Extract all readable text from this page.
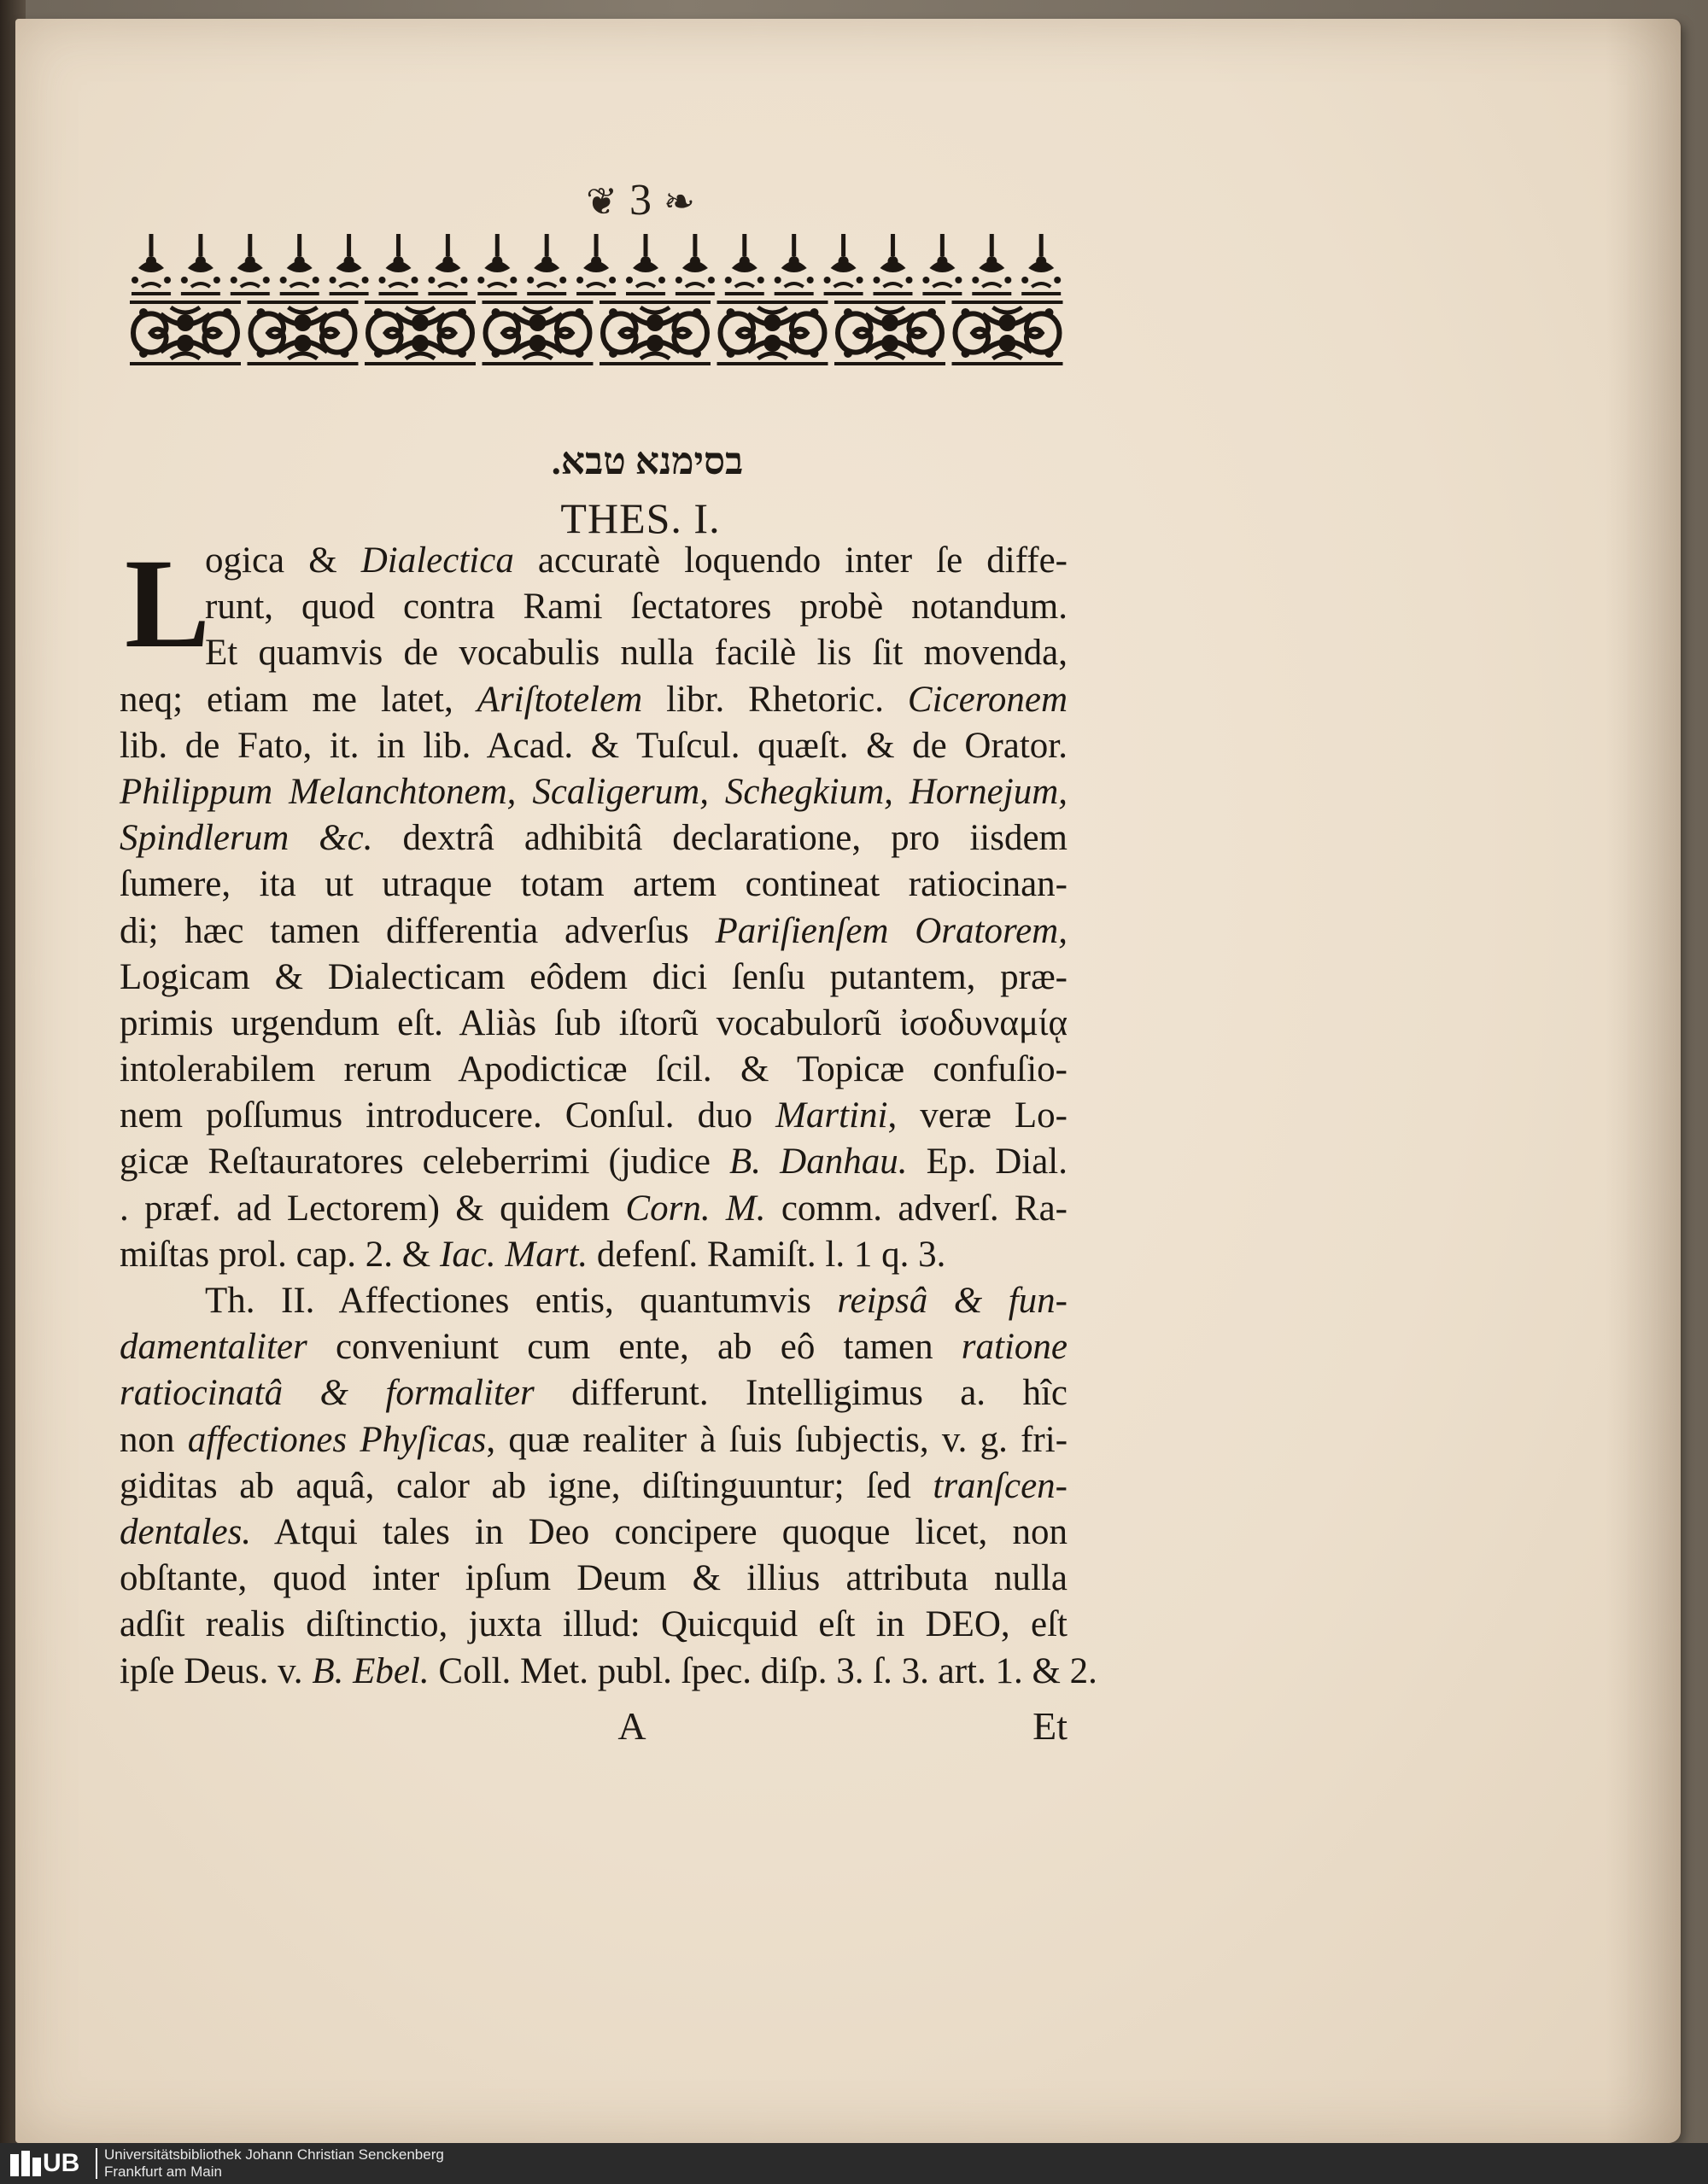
❦ 3 ❧
בסימנא טבא.
THES. I.
L
ogica & Dialectica accuratè loquendo inter ſe diffe-
runt, quod contra Rami ſectatores probè notandum.
Et quamvis de vocabulis nulla facilè lis ſit movenda,
neq; etiam me latet, Ariſtotelem libr. Rhetoric. Ciceronem
lib. de Fato, it. in lib. Acad. & Tuſcul. quæſt. & de Orator.
Philippum Melanchtonem, Scaligerum, Schegkium, Hornejum,
Spindlerum &c. dextrâ adhibitâ declaratione, pro iisdem
ſumere, ita ut utraque totam artem contineat ratiocinan-
di; hæc tamen differentia adverſus Pariſienſem Oratorem,
Logicam & Dialecticam eôdem dici ſenſu putantem, præ-
primis urgendum eſt. Aliàs ſub iſtorũ vocabulorũ ἰσοδυναμίᾳ
intolerabilem rerum Apodicticæ ſcil. & Topicæ confuſio-
nem poſſumus introducere. Conſul. duo Martini, veræ Lo-
gicæ Reſtauratores celeberrimi (judice B. Danhau. Ep. Dial.
. præf. ad Lectorem) & quidem Corn. M. comm. adverſ. Ra-
miſtas prol. cap. 2. & Iac. Mart. defenſ. Ramiſt. l. 1 q. 3.
Th. II. Affectiones entis, quantumvis reipsâ & fun-
damentaliter conveniunt cum ente, ab eô tamen ratione
ratiocinatâ & formaliter differunt. Intelligimus a. hîc
non affectiones Phyſicas, quæ realiter à ſuis ſubjectis, v. g. fri-
giditas ab aquâ, calor ab igne, diſtinguuntur; ſed tranſcen-
dentales. Atqui tales in Deo concipere quoque licet, non
obſtante, quod inter ipſum Deum & illius attributa nulla
adſit realis diſtinctio, juxta illud: Quicquid eſt in DEO, eſt
ipſe Deus. v. B. Ebel. Coll. Met. publ. ſpec. diſp. 3. ſ. 3. art. 1. & 2.
A	Et
UB	Universitätsbibliothek Johann Christian Senckenberg
Frankfurt am Main
